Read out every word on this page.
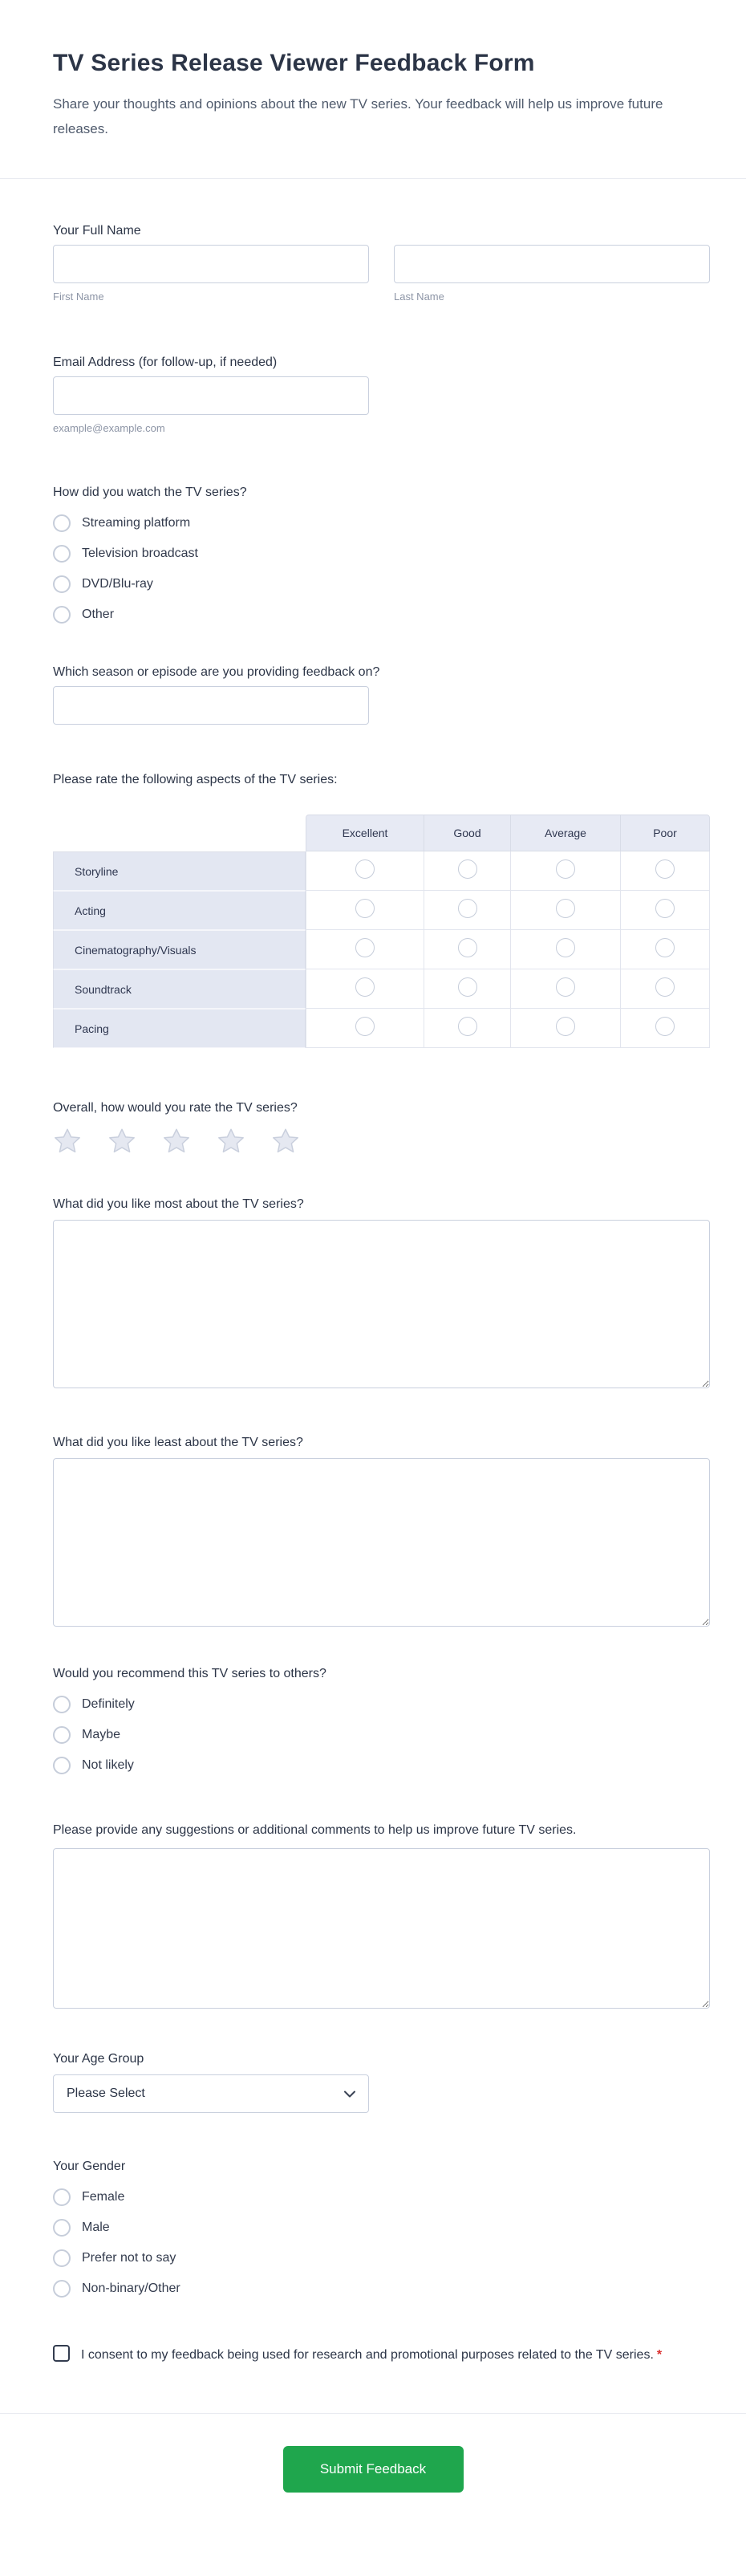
TV Series Release Viewer Feedback Form

Share your thoughts and opinions about the new TV series. Your feedback will help us improve future releases.

Your Full Name
First Name	Last Name
Email Address (for follow-up, if needed)
example@example.com
How did you watch the TV series?
Streaming platform
Television broadcast
DVD/Blu-ray
Other
Which season or episode are you providing feedback on?
Please rate the following aspects of the TV series:
	Excellent	Good	Average	Poor
Storyline				
Acting				
Cinematography/Visuals				
Soundtrack				
Pacing				
Overall, how would you rate the TV series?
What did you like most about the TV series?
What did you like least about the TV series?
Would you recommend this TV series to others?
Definitely
Maybe
Not likely
Please provide any suggestions or additional comments to help us improve future TV series.
Your Age Group
Please Select
Your Gender
Female
Male
Prefer not to say
Non-binary/Other
I consent to my feedback being used for research and promotional purposes related to the TV series. *
Submit Feedback
